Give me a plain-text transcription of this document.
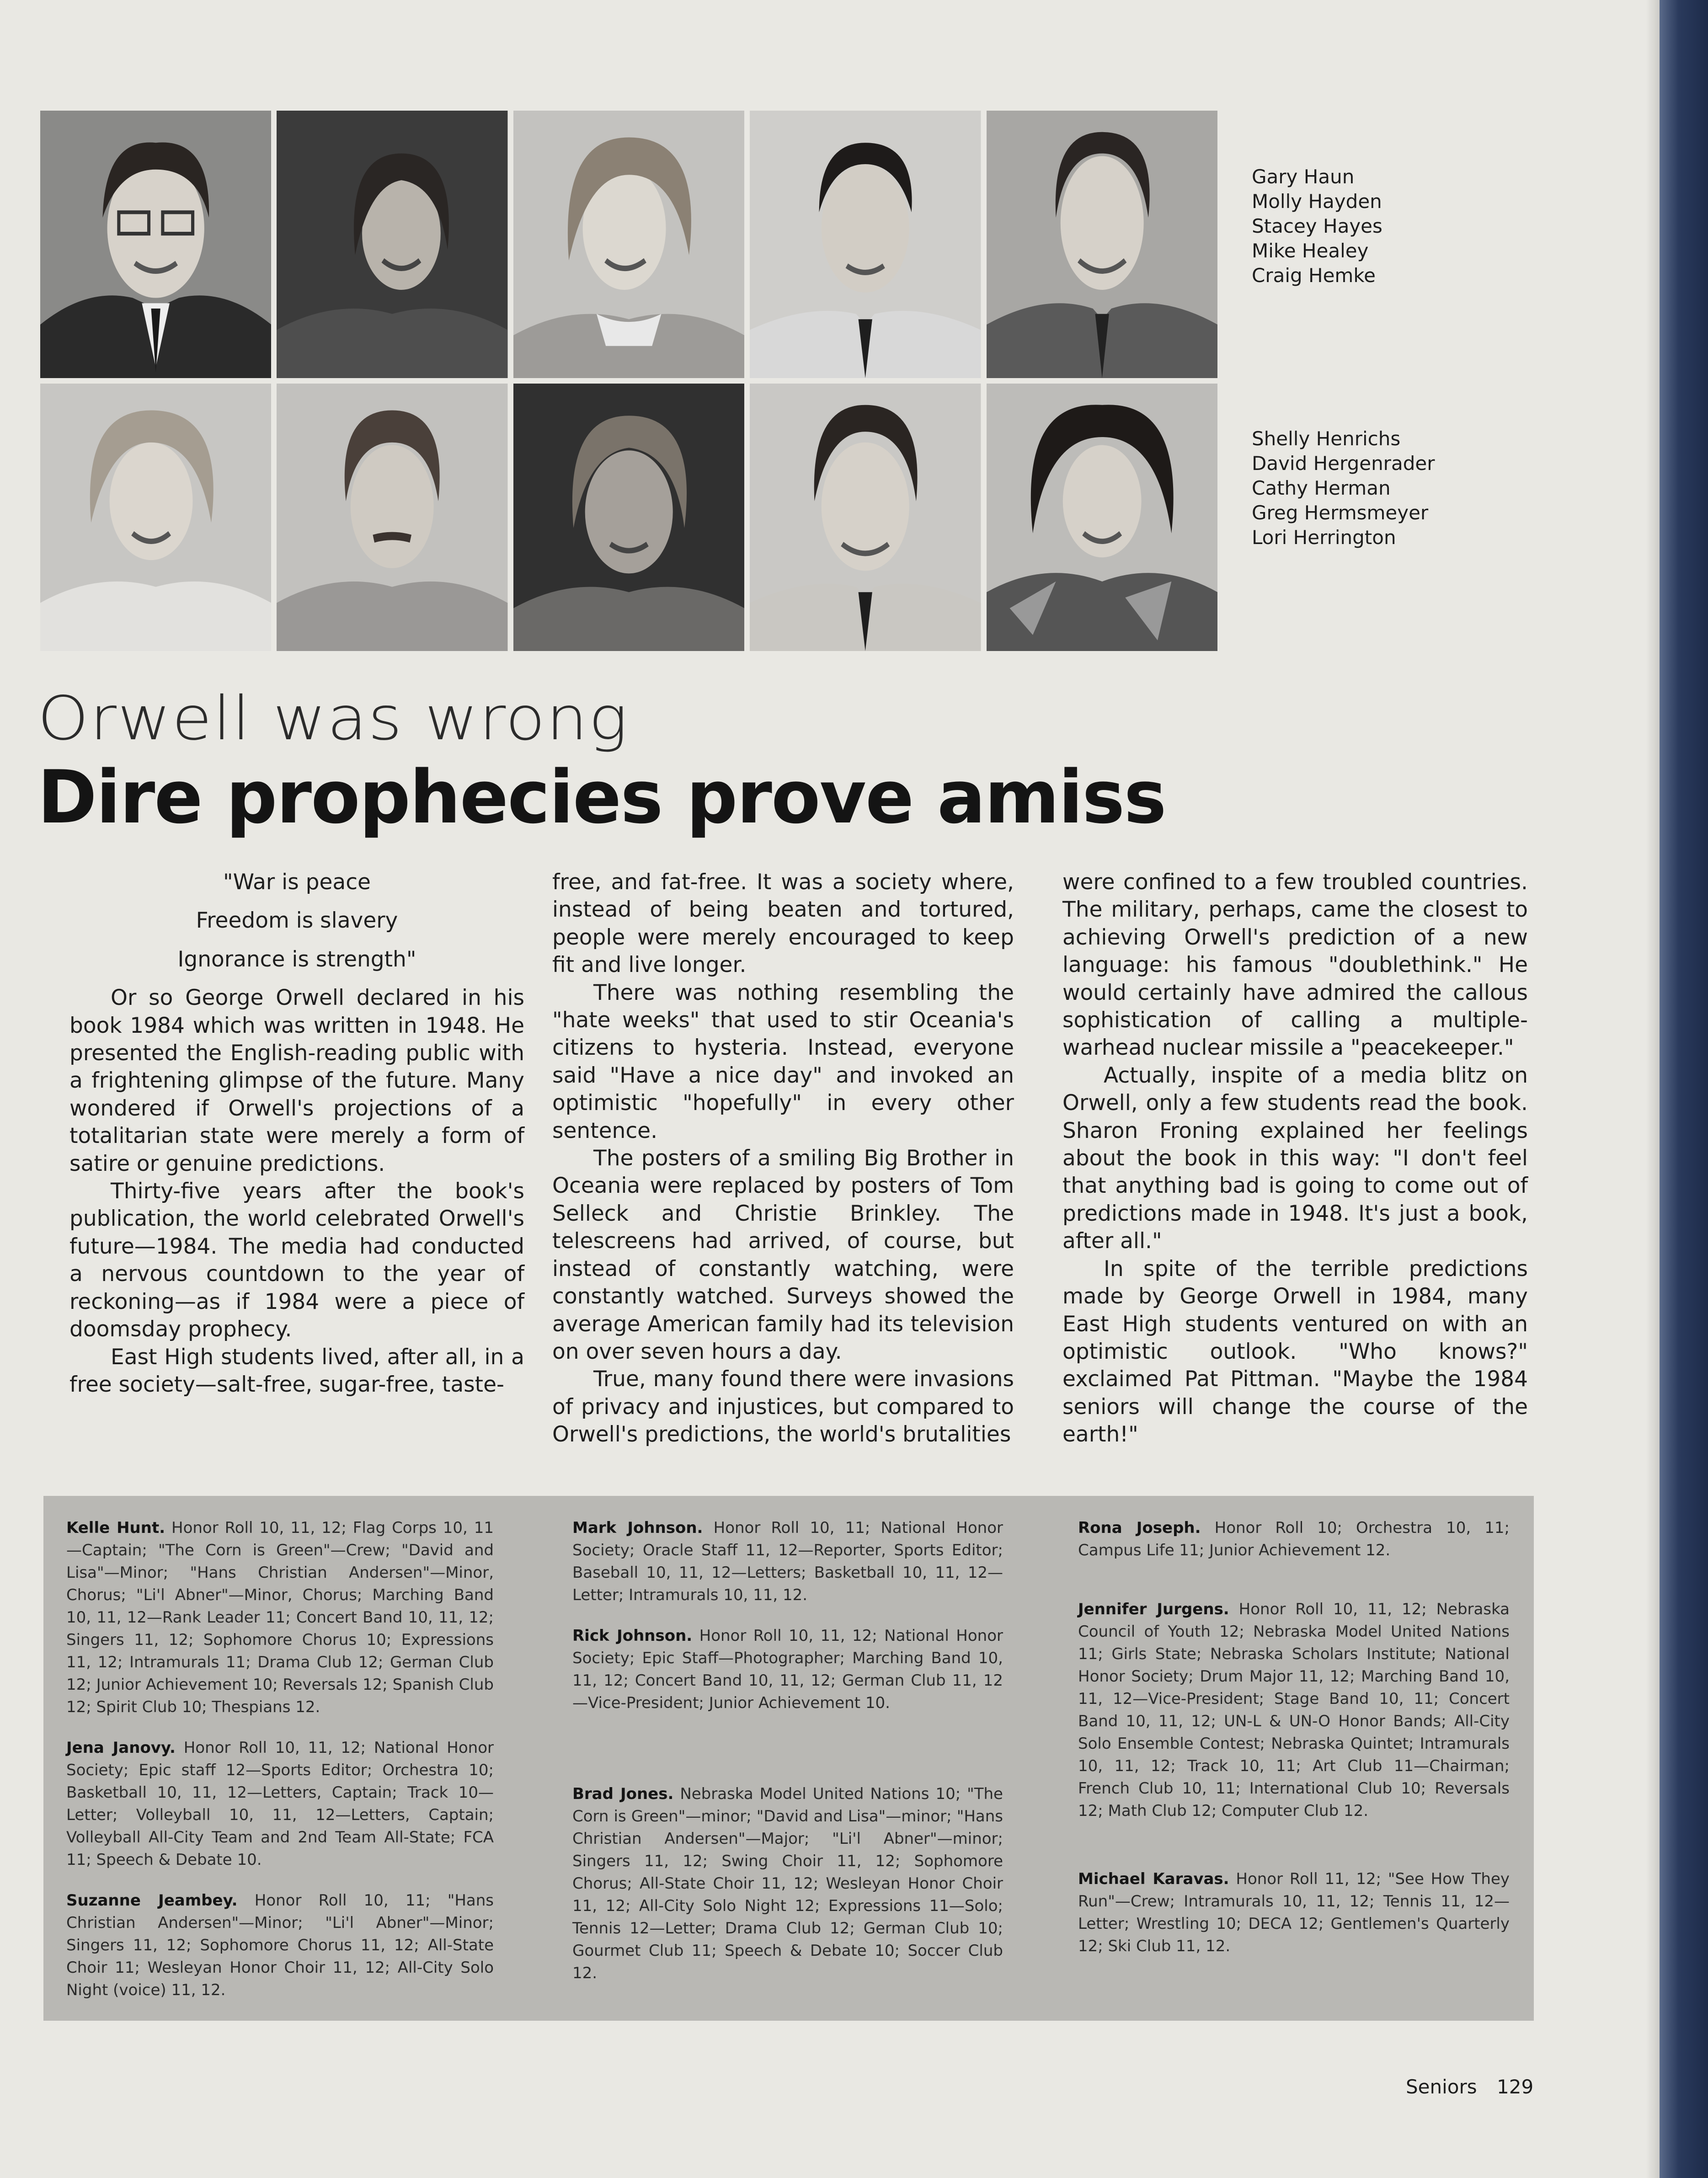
Gary Haun
Molly Hayden
Stacey Hayes
Mike Healey
Craig Hemke
Shelly Henrichs
David Hergenrader
Cathy Herman
Greg Hermsmeyer
Lori Herrington
Orwell was wrong
Dire prophecies prove amiss

"War is peace

Freedom is slavery

Ignorance is strength"

Or so George Orwell declared in his book 1984 which was written in 1948. He presented the English-reading public with a frightening glimpse of the future. Many wondered if Orwell's projections of a totalitarian state were merely a form of satire or genuine predictions.

Thirty-five years after the book's publication, the world celebrated Orwell's future—1984. The media had conducted a nervous countdown to the year of reckoning—as if 1984 were a piece of doomsday prophecy.

East High students lived, after all, in a free society—salt-free, sugar-free, taste-

free, and fat-free. It was a society where, instead of being beaten and tortured, people were merely encouraged to keep fit and live longer.

There was nothing resembling the "hate weeks" that used to stir Oceania's citizens to hysteria. Instead, everyone said "Have a nice day" and invoked an optimistic "hopefully" in every other sentence.

The posters of a smiling Big Brother in Oceania were replaced by posters of Tom Selleck and Christie Brinkley. The telescreens had arrived, of course, but instead of constantly watching, were constantly watched. Surveys showed the average American family had its television on over seven hours a day.

True, many found there were invasions of privacy and injustices, but compared to Orwell's predictions, the world's brutalities

were confined to a few troubled countries. The military, perhaps, came the closest to achieving Orwell's prediction of a new language: his famous "doublethink." He would certainly have admired the callous sophistication of calling a multiple-warhead nuclear missile a "peacekeeper."

Actually, inspite of a media blitz on Orwell, only a few students read the book. Sharon Froning explained her feelings about the book in this way: "I don't feel that anything bad is going to come out of predictions made in 1948. It's just a book, after all."

In spite of the terrible predictions made by George Orwell in 1984, many East High students ventured on with an optimistic outlook. "Who knows?" exclaimed Pat Pittman. "Maybe the 1984 seniors will change the course of the earth!"

Kelle Hunt. Honor Roll 10, 11, 12; Flag Corps 10, 11—Captain; "The Corn is Green"—Crew; "David and Lisa"—Minor; "Hans Christian Andersen"—Minor, Chorus; "Li'l Abner"—Minor, Chorus; Marching Band 10, 11, 12—Rank Leader 11; Concert Band 10, 11, 12; Singers 11, 12; Sophomore Chorus 10; Expressions 11, 12; Intramurals 11; Drama Club 12; German Club 12; Junior Achievement 10; Reversals 12; Spanish Club 12; Spirit Club 10; Thespians 12.

Jena Janovy. Honor Roll 10, 11, 12; National Honor Society; Epic staff 12—Sports Editor; Orchestra 10; Basketball 10, 11, 12—Letters, Captain; Track 10—Letter; Volleyball 10, 11, 12—Letters, Captain; Volleyball All-City Team and 2nd Team All-State; FCA 11; Speech & Debate 10.

Suzanne Jeambey. Honor Roll 10, 11; "Hans Christian Andersen"—Minor; "Li'l Abner"—Minor; Singers 11, 12; Sophomore Chorus 11, 12; All-State Choir 11; Wesleyan Honor Choir 11, 12; All-City Solo Night (voice) 11, 12.

Mark Johnson. Honor Roll 10, 11; National Honor Society; Oracle Staff 11, 12—Reporter, Sports Editor; Baseball 10, 11, 12—Letters; Basketball 10, 11, 12—Letter; Intramurals 10, 11, 12.

Rick Johnson. Honor Roll 10, 11, 12; National Honor Society; Epic Staff—Photographer; Marching Band 10, 11, 12; Concert Band 10, 11, 12; German Club 11, 12—Vice-President; Junior Achievement 10.

Brad Jones. Nebraska Model United Nations 10; "The Corn is Green"—minor; "David and Lisa"—minor; "Hans Christian Andersen"—Major; "Li'l Abner"—minor; Singers 11, 12; Swing Choir 11, 12; Sophomore Chorus; All-State Choir 11, 12; Wesleyan Honor Choir 11, 12; All-City Solo Night 12; Expressions 11—Solo; Tennis 12—Letter; Drama Club 12; German Club 10; Gourmet Club 11; Speech & Debate 10; Soccer Club 12.

Rona Joseph. Honor Roll 10; Orchestra 10, 11; Campus Life 11; Junior Achievement 12.

Jennifer Jurgens. Honor Roll 10, 11, 12; Nebraska Council of Youth 12; Nebraska Model United Nations 11; Girls State; Nebraska Scholars Institute; National Honor Society; Drum Major 11, 12; Marching Band 10, 11, 12—Vice-President; Stage Band 10, 11; Concert Band 10, 11, 12; UN-L & UN-O Honor Bands; All-City Solo Ensemble Contest; Nebraska Quintet; Intramurals 10, 11, 12; Track 10, 11; Art Club 11—Chairman; French Club 10, 11; International Club 10; Reversals 12; Math Club 12; Computer Club 12.

Michael Karavas. Honor Roll 11, 12; "See How They Run"—Crew; Intramurals 10, 11, 12; Tennis 11, 12—Letter; Wrestling 10; DECA 12; Gentlemen's Quarterly 12; Ski Club 11, 12.

Seniors 129
